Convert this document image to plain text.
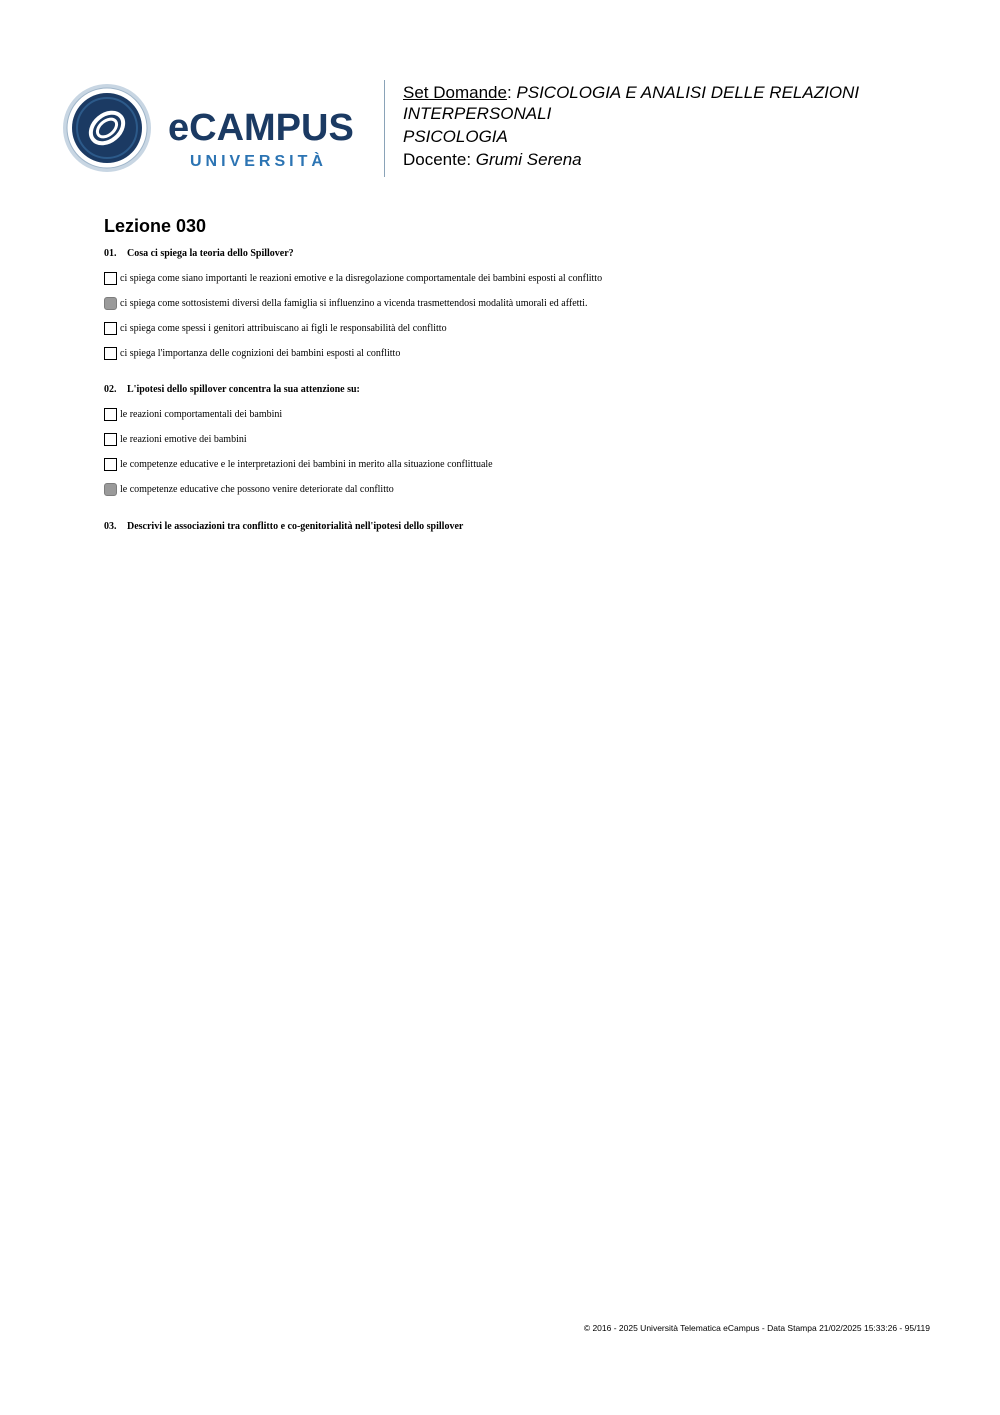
eCAMPUS
UNIVERSITÀ
Set Domande: PSICOLOGIA E ANALISI DELLE RELAZIONI INTERPERSONALI
PSICOLOGIA
Docente: Grumi Serena
Lezione 030
01. Cosa ci spiega la teoria dello Spillover?
ci spiega come siano importanti le reazioni emotive e la disregolazione comportamentale dei bambini esposti al conflitto
ci spiega come sottosistemi diversi della famiglia si influenzino a vicenda trasmettendosi modalità umorali ed affetti.
ci spiega come spessi i genitori attribuiscano ai figli le responsabilità del conflitto
ci spiega l'importanza delle cognizioni dei bambini esposti al conflitto
02. L'ipotesi dello spillover concentra la sua attenzione su:
le reazioni comportamentali dei bambini
le reazioni emotive dei bambini
le competenze educative e le interpretazioni dei bambini in merito alla situazione conflittuale
le competenze educative che possono venire deteriorate dal conflitto
03. Descrivi le associazioni tra conflitto e co-genitorialità nell'ipotesi dello spillover
© 2016 - 2025 Università Telematica eCampus - Data Stampa 21/02/2025 15:33:26 - 95/119
